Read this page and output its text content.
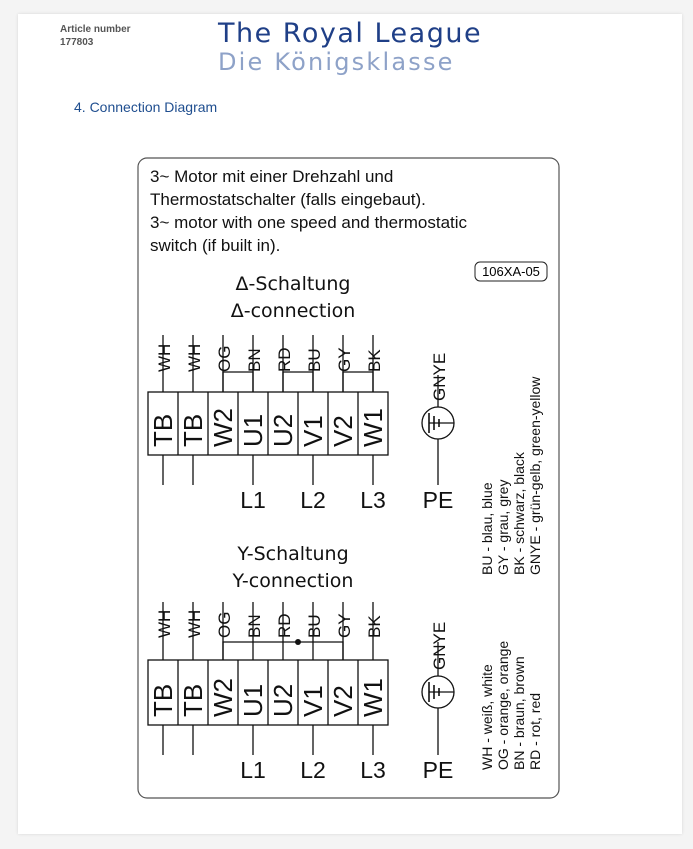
Article number
177803	The Royal League
Die Königsklasse
4. Connection Diagram
3~ Motor mit einer Drehzahl und
Thermostatschalter (falls eingebaut).
3~ motor with one speed and thermostatic
switch (if built in).
106XA-05
Δ-Schaltung
Δ-connection
Y-Schaltung
Y-connection
WH WH OG BN RD BU GY BK
TB TB W2 U1 U2 V1 V2 W1
L1 L2 L3
GNYE
PE
WH WH OG BN RD BU GY BK
TB TB W2 U1 U2 V1 V2 W1
L1 L2 L3
GNYE
PE
BU - blau, blue GY - grau, grey BK - schwarz, black GNYE - grün-gelb, green-yellow
WH - weiß, white OG - orange, orange BN - braun, brown RD - rot, red
